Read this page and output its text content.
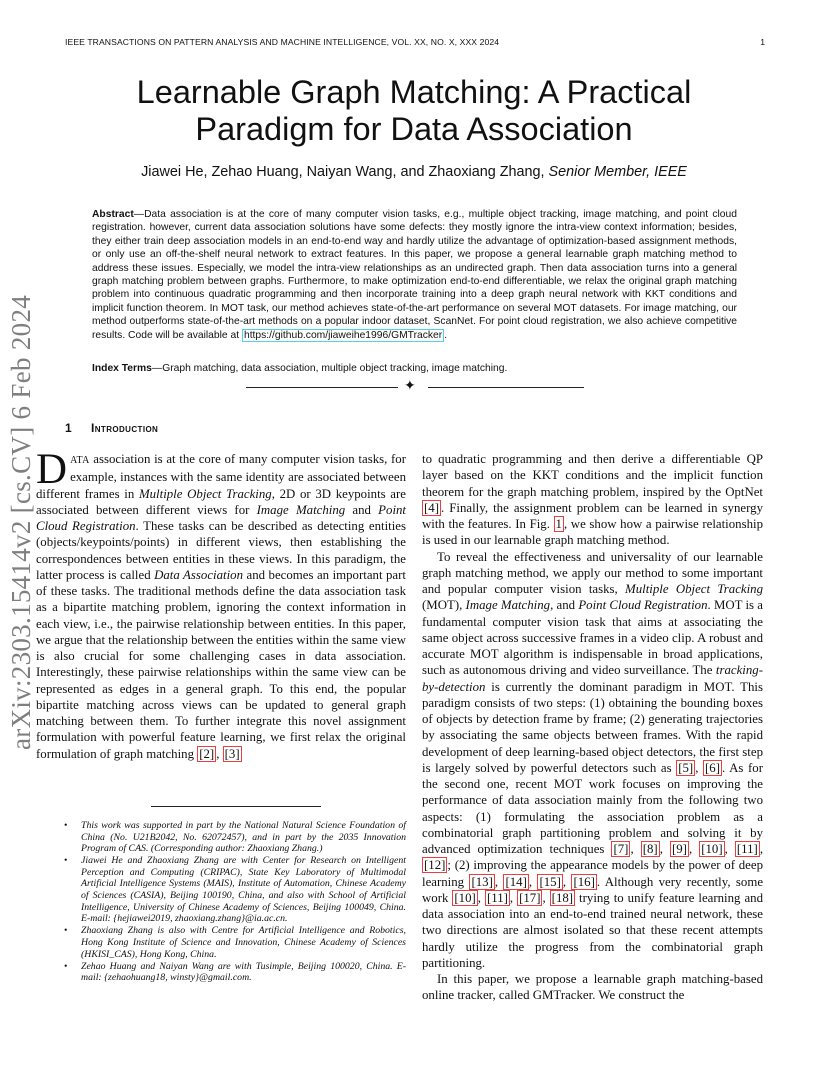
IEEE TRANSACTIONS ON PATTERN ANALYSIS AND MACHINE INTELLIGENCE, VOL. XX, NO. X, XXX 2024	1
Learnable Graph Matching: A Practical
Paradigm for Data Association
Jiawei He, Zehao Huang, Naiyan Wang, and Zhaoxiang Zhang, Senior Member, IEEE
Abstract—Data association is at the core of many computer vision tasks, e.g., multiple object tracking, image matching, and point cloud registration. however, current data association solutions have some defects: they mostly ignore the intra-view context information; besides, they either train deep association models in an end-to-end way and hardly utilize the advantage of optimization-based assignment methods, or only use an off-the-shelf neural network to extract features. In this paper, we propose a general learnable graph matching method to address these issues. Especially, we model the intra-view relationships as an undirected graph. Then data association turns into a general graph matching problem between graphs. Furthermore, to make optimization end-to-end differentiable, we relax the original graph matching problem into continuous quadratic programming and then incorporate training into a deep graph neural network with KKT conditions and implicit function theorem. In MOT task, our method achieves state-of-the-art performance on several MOT datasets. For image matching, our method outperforms state-of-the-art methods on a popular indoor dataset, ScanNet. For point cloud registration, we also achieve competitive results. Code will be available at https://github.com/jiaweihe1996/GMTracker .
Index Terms—Graph matching, data association, multiple object tracking, image matching.
✦
arXiv:2303.15414v2 [cs.CV] 6 Feb 2024 1 Introduction

DATA association is at the core of many computer vision tasks, for example, instances with the same identity are associated between different frames in Multiple Object Tracking, 2D or 3D keypoints are associated between different views for Image Matching and Point Cloud Registration. These tasks can be described as detecting entities (objects/keypoints/points) in different views, then establishing the correspondences between entities in these views. In this paradigm, the latter process is called Data Association and becomes an important part of these tasks. The traditional methods define the data association task as a bipartite matching problem, ignoring the context information in each view, i.e., the pairwise relationship between entities. In this paper, we argue that the relationship between the entities within the same view is also crucial for some challenging cases in data association. Interestingly, these pairwise relationships within the same view can be represented as edges in a general graph. To this end, the popular bipartite matching across views can be updated to general graph matching between them. To further integrate this novel assignment formulation with powerful feature learning, we first relax the original formulation of graph matching [2] , [3]

to quadratic programming and then derive a differentiable QP layer based on the KKT conditions and the implicit function theorem for the graph matching problem, inspired by the OptNet [4] . Finally, the assignment problem can be learned in synergy with the features. In Fig. 1 , we show how a pairwise relationship is used in our learnable graph matching method.

To reveal the effectiveness and universality of our learnable graph matching method, we apply our method to some important and popular computer vision tasks, Multiple Object Tracking (MOT), Image Matching, and Point Cloud Registration. MOT is a fundamental computer vision task that aims at associating the same object across successive frames in a video clip. A robust and accurate MOT algorithm is indispensable in broad applications, such as autonomous driving and video surveillance. The tracking-by-detection is currently the dominant paradigm in MOT. This paradigm consists of two steps: (1) obtaining the bounding boxes of objects by detection frame by frame; (2) generating trajectories by associating the same objects between frames. With the rapid development of deep learning-based object detectors, the first step is largely solved by powerful detectors such as [5] , [6] . As for the second one, recent MOT work focuses on improving the performance of data association mainly from the following two aspects: (1) formulating the association problem as a combinatorial graph partitioning problem and solving it by advanced optimization techniques [7] , [8] , [9] , [10] , [11] , [12] ; (2) improving the appearance models by the power of deep learning [13] , [14] , [15] , [16] . Although very recently, some work [10] , [11] , [17] , [18] trying to unify feature learning and data association into an end-to-end trained neural network, these two directions are almost isolated so that these recent attempts hardly utilize the progress from the combinatorial graph partitioning.

In this paper, we propose a learnable graph matching-based online tracker, called GMTracker. We construct the

• This work was supported in part by the National Natural Science Foundation of China (No. U21B2042, No. 62072457), and in part by the 2035 Innovation Program of CAS. (Corresponding author: Zhaoxiang Zhang.)
• Jiawei He and Zhaoxiang Zhang are with Center for Research on Intelligent Perception and Computing (CRIPAC), State Key Laboratory of Multimodal Artificial Intelligence Systems (MAIS), Institute of Automation, Chinese Academy of Sciences (CASIA), Beijing 100190, China, and also with School of Artificial Intelligence, University of Chinese Academy of Sciences, Beijing 100049, China. E-mail: {hejiawei2019, zhaoxiang.zhang}@ia.ac.cn.
• Zhaoxiang Zhang is also with Centre for Artificial Intelligence and Robotics, Hong Kong Institute of Science and Innovation, Chinese Academy of Sciences (HKISI_CAS), Hong Kong, China.
• Zehao Huang and Naiyan Wang are with Tusimple, Beijing 100020, China. E-mail: {zehaohuang18, winsty}@gmail.com.
